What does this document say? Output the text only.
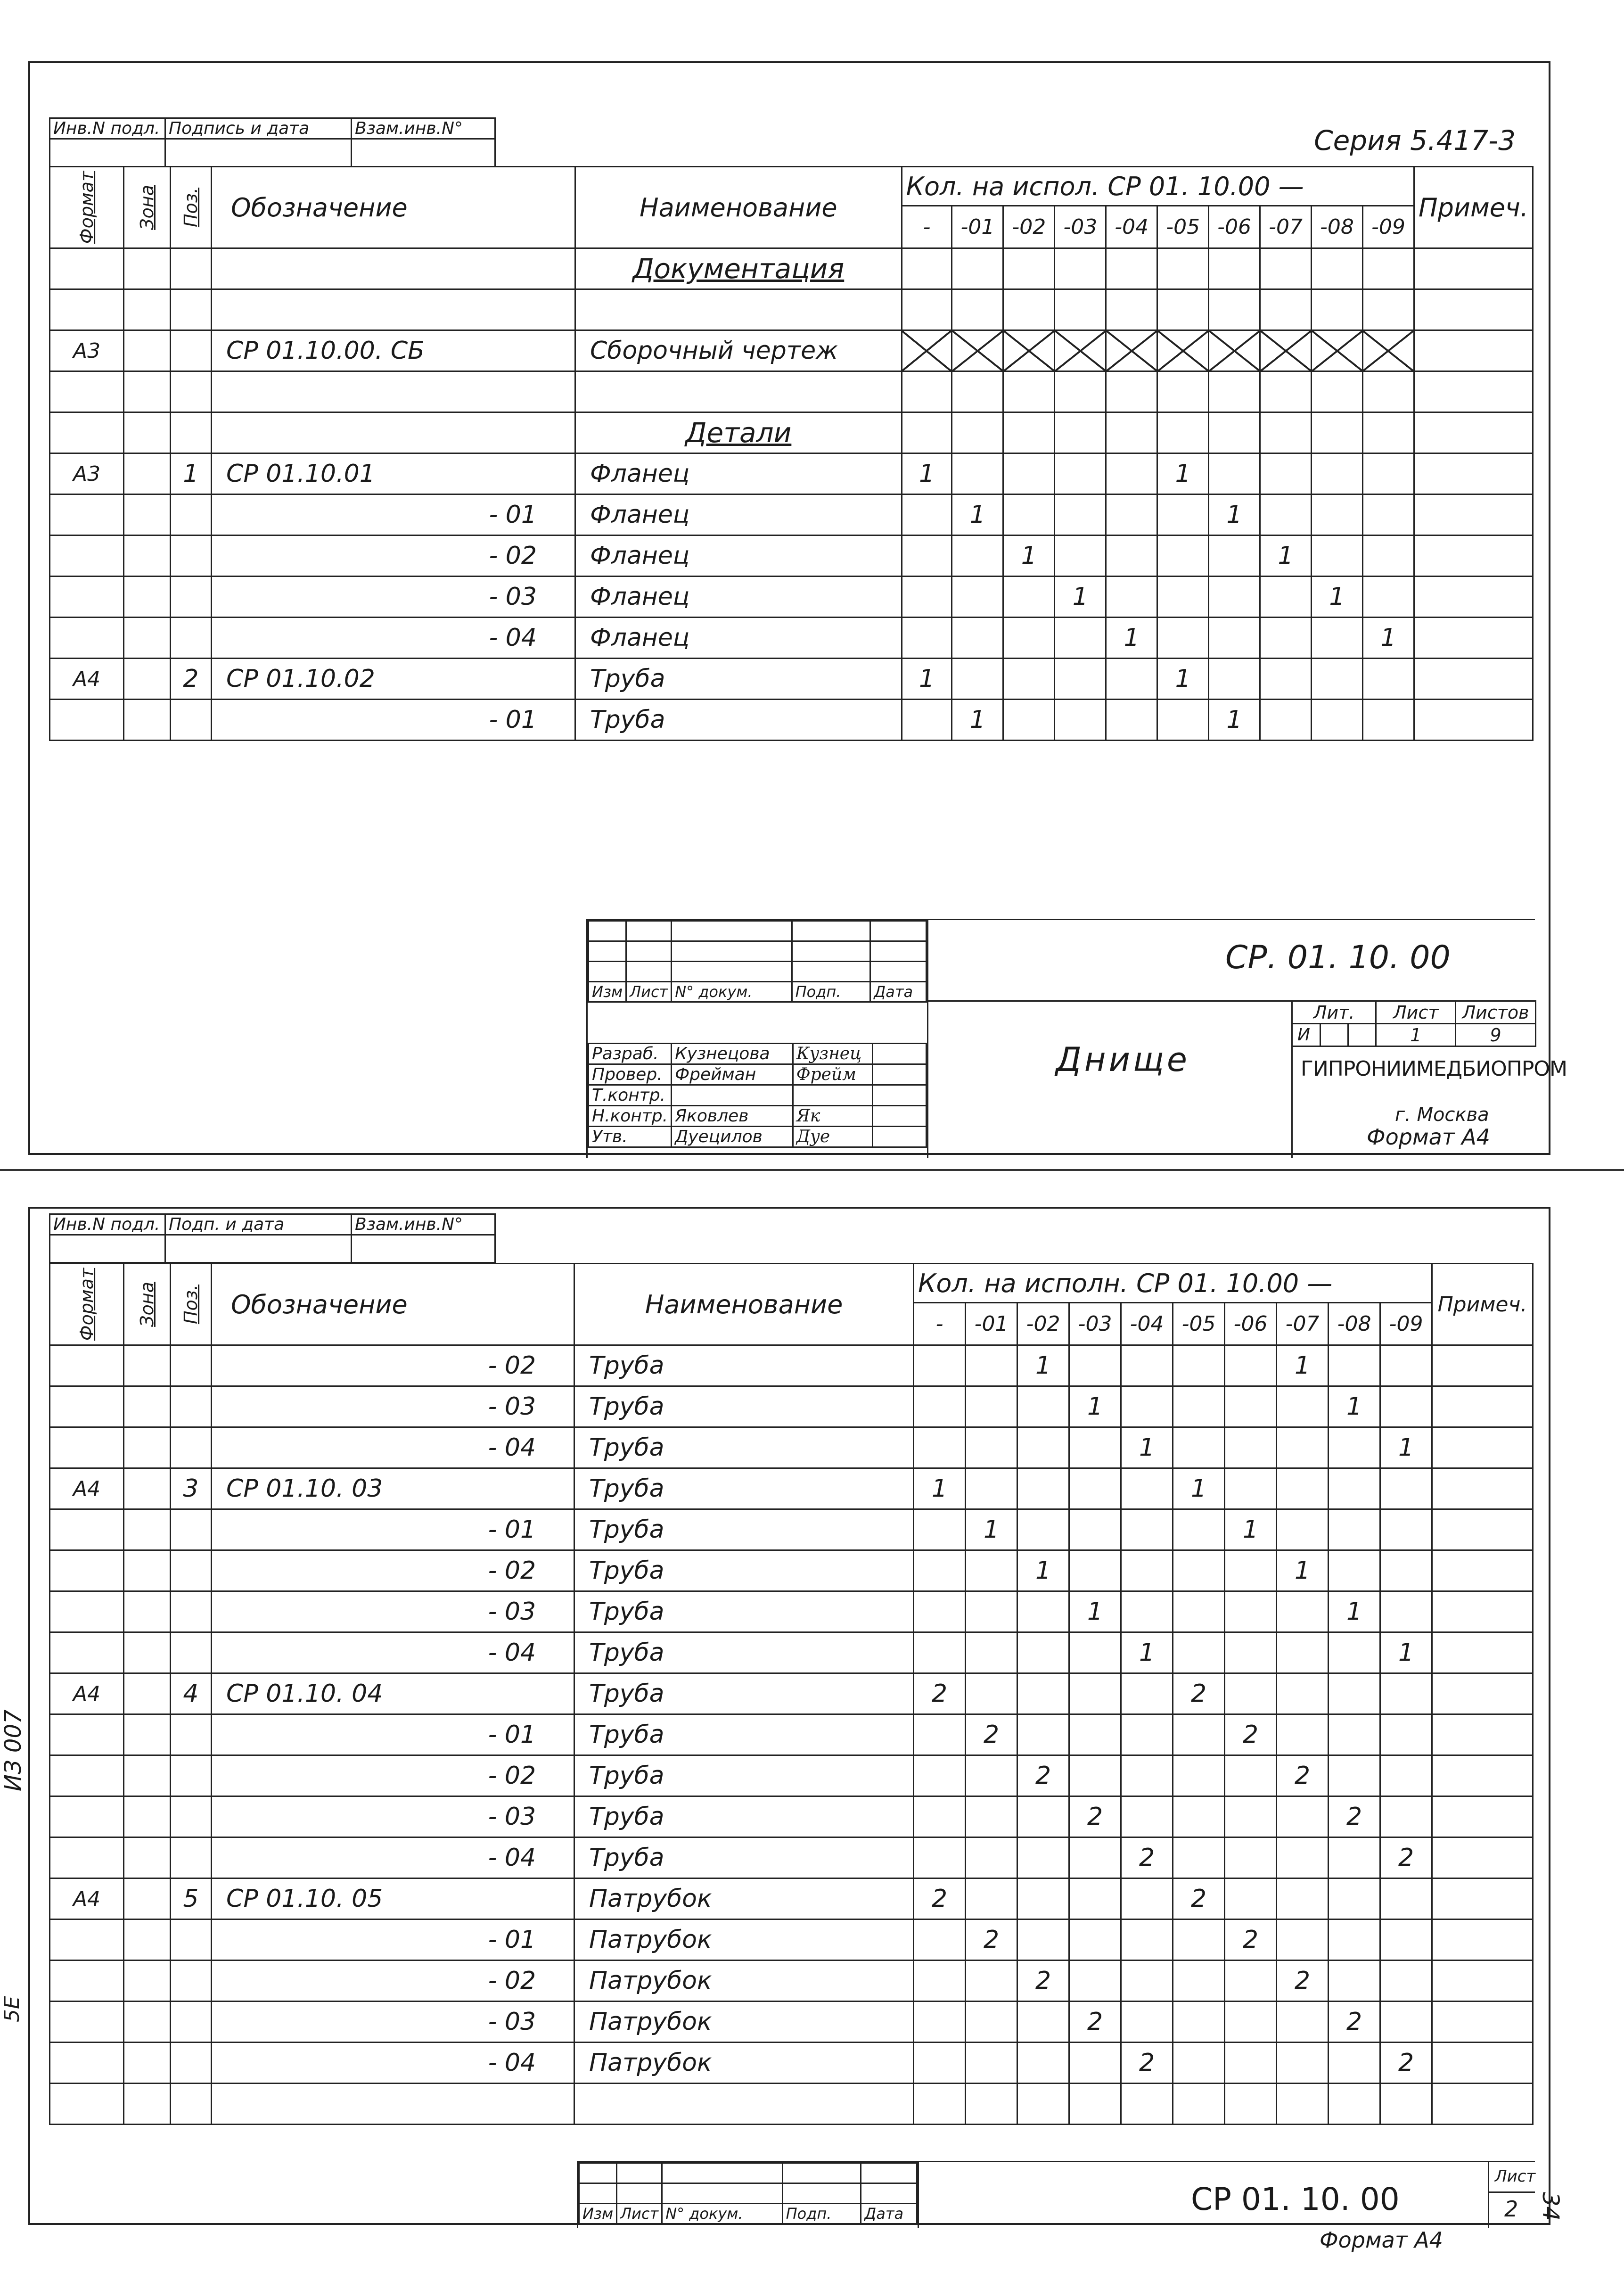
Инв.N подл.	Подпись и дата	Взам.инв.N°
			Серия 5.417-3
Формат	Зона	Поз.	Обозначение	Наименование	Кол. на испол. СР 01. 10.00 —										Примеч.
					-	-01	-02	-03	-04	-05	-06	-07	-08	-09	
				Документация											

А3			СР 01.10.00. СБ	Сборочный чертеж											

				Детали											
А3		1	СР 01.10.01	Фланец	1					1					
			- 01	Фланец		1					1				
			- 02	Фланец			1					1			
			- 03	Фланец				1					1		
			- 04	Фланец					1					1	
А4		2	СР 01.10.02	Труба	1					1					
			- 01	Труба		1					1				

Изм	Лист	N° докум.	Подп.	Дата
Разраб.	Кузнецова	Кузнец	
Провер.	Фрейман	Фрейм	
Т.контр.			
Н.контр.	Яковлев	Як	
Утв.	Дуецилов	Дуе	
СР. 01. 10. 00
Днище
Лит.			Лист	Листов
И			1	9
ГИПРОНИИМЕДБИОПРОМ
г. Москва
Формат А4
Инв.N подл.	Подп. и дата	Взам.инв.N°

Формат	Зона	Поз.	Обозначение	Наименование	Кол. на испoлн. СР 01. 10.00 —										Примеч.
					-	-01	-02	-03	-04	-05	-06	-07	-08	-09	
			- 02	Труба			1					1			
			- 03	Труба				1					1		
			- 04	Труба					1					1	
А4		3	СР 01.10. 03	Труба	1					1					
			- 01	Труба		1					1				
			- 02	Труба			1					1			
			- 03	Труба				1					1		
			- 04	Труба					1					1	
А4		4	СР 01.10. 04	Труба	2					2					
			- 01	Труба		2					2				
			- 02	Труба			2					2			
			- 03	Труба				2					2		
			- 04	Труба					2					2	
А4		5	СР 01.10. 05	Патрубок	2					2					
			- 01	Патрубок		2					2				
			- 02	Патрубок			2					2			
			- 03	Патрубок				2					2		
			- 04	Патрубок					2					2	

Изм	Лист	N° докум.	Подп.	Дата	СР 01. 10. 00
Лист
2
Формат А4
ИЗ 007
5Е
34
